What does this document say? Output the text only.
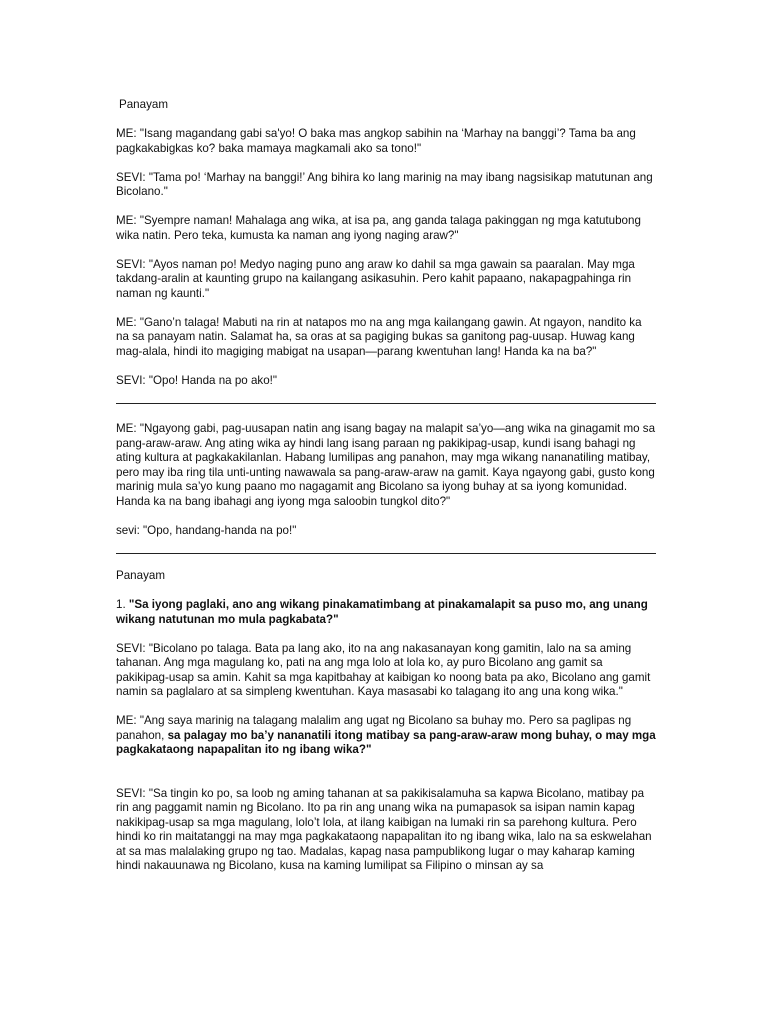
Panayam

ME: "Isang magandang gabi sa'yo! O baka mas angkop sabihin na ‘Marhay na banggi’? Tama ba ang pagkakabigkas ko? baka mamaya magkamali ako sa tono!"

SEVI: "Tama po! ‘Marhay na banggi!’ Ang bihira ko lang marinig na may ibang nagsisikap matutunan ang Bicolano."

ME: "Syempre naman! Mahalaga ang wika, at isa pa, ang ganda talaga pakinggan ng mga katutubong wika natin. Pero teka, kumusta ka naman ang iyong naging araw?"

SEVI: "Ayos naman po! Medyo naging puno ang araw ko dahil sa mga gawain sa paaralan. May mga takdang-aralin at kaunting grupo na kailangang asikasuhin. Pero kahit papaano, nakapagpahinga rin naman ng kaunti."

ME: "Gano’n talaga! Mabuti na rin at natapos mo na ang mga kailangang gawin. At ngayon, nandito ka na sa panayam natin. Salamat ha, sa oras at sa pagiging bukas sa ganitong pag-uusap. Huwag kang mag-alala, hindi ito magiging mabigat na usapan—parang kwentuhan lang! Handa ka na ba?"

SEVI: "Opo! Handa na po ako!"

ME: "Ngayong gabi, pag-uusapan natin ang isang bagay na malapit sa’yo—ang wika na ginagamit mo sa pang-araw-araw. Ang ating wika ay hindi lang isang paraan ng pakikipag-usap, kundi isang bahagi ng ating kultura at pagkakakilanlan. Habang lumilipas ang panahon, may mga wikang nananatiling matibay, pero may iba ring tila unti-unting nawawala sa pang-araw-araw na gamit. Kaya ngayong gabi, gusto kong marinig mula sa’yo kung paano mo nagagamit ang Bicolano sa iyong buhay at sa iyong komunidad. Handa ka na bang ibahagi ang iyong mga saloobin tungkol dito?"

sevi: "Opo, handang-handa na po!"

Panayam

1. "Sa iyong paglaki, ano ang wikang pinakamatimbang at pinakamalapit sa puso mo, ang unang wikang natutunan mo mula pagkabata?"

SEVI: "Bicolano po talaga. Bata pa lang ako, ito na ang nakasanayan kong gamitin, lalo na sa aming tahanan. Ang mga magulang ko, pati na ang mga lolo at lola ko, ay puro Bicolano ang gamit sa pakikipag-usap sa amin. Kahit sa mga kapitbahay at kaibigan ko noong bata pa ako, Bicolano ang gamit namin sa paglalaro at sa simpleng kwentuhan. Kaya masasabi ko talagang ito ang una kong wika."

ME: "Ang saya marinig na talagang malalim ang ugat ng Bicolano sa buhay mo. Pero sa paglipas ng panahon, sa palagay mo ba’y nananatili itong matibay sa pang-araw-araw mong buhay, o may mga pagkakataong napapalitan ito ng ibang wika?"

SEVI: "Sa tingin ko po, sa loob ng aming tahanan at sa pakikisalamuha sa kapwa Bicolano, matibay pa rin ang paggamit namin ng Bicolano. Ito pa rin ang unang wika na pumapasok sa isipan namin kapag nakikipag-usap sa mga magulang, lolo’t lola, at ilang kaibigan na lumaki rin sa parehong kultura. Pero hindi ko rin maitatanggi na may mga pagkakataong napapalitan ito ng ibang wika, lalo na sa eskwelahan at sa mas malalaking grupo ng tao. Madalas, kapag nasa pampublikong lugar o may kaharap kaming hindi nakauunawa ng Bicolano, kusa na kaming lumilipat sa Filipino o minsan ay sa
